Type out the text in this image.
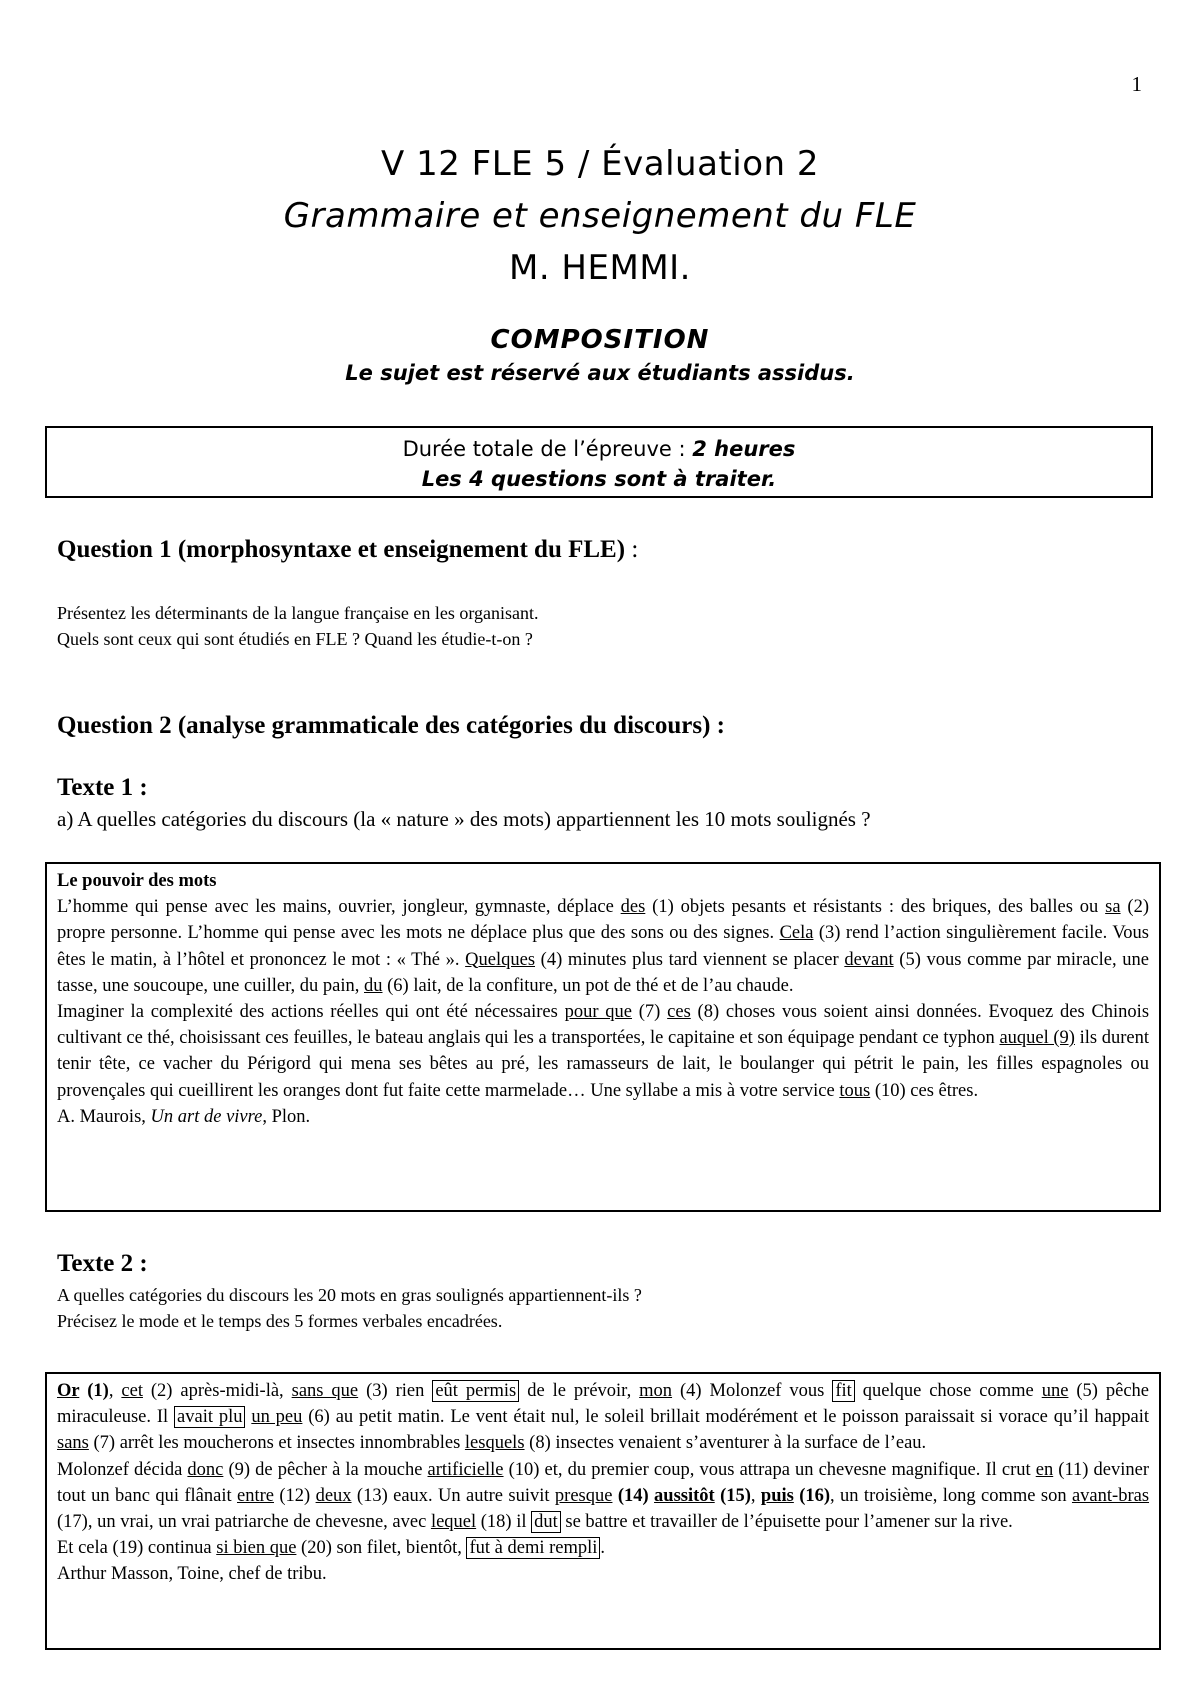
1
V 12 FLE 5 / Évaluation 2
Grammaire et enseignement du FLE
M. HEMMI.
COMPOSITION
Le sujet est réservé aux étudiants assidus.
Durée totale de l’épreuve : 2 heures
Les 4 questions sont à traiter.
Question 1 (morphosyntaxe et enseignement du FLE) :
Présentez les déterminants de la langue française en les organisant.
Quels sont ceux qui sont étudiés en FLE ? Quand les étudie-t-on ?
Question 2 (analyse grammaticale des catégories du discours) :
Texte 1 :
a) A quelles catégories du discours (la « nature » des mots) appartiennent les 10 mots soulignés ?

Le pouvoir des mots

L’homme qui pense avec les mains, ouvrier, jongleur, gymnaste, déplace des (1) objets pesants et résistants : des briques, des balles ou sa (2) propre personne. L’homme qui pense avec les mots ne déplace plus que des sons ou des signes. Cela (3) rend l’action singulièrement facile. Vous êtes le matin, à l’hôtel et prononcez le mot : « Thé ». Quelques (4) minutes plus tard viennent se placer devant (5) vous comme par miracle, une tasse, une soucoupe, une cuiller, du pain, du (6) lait, de la confiture, un pot de thé et de l’au chaude.

Imaginer la complexité des actions réelles qui ont été nécessaires pour que (7) ces (8) choses vous soient ainsi données. Evoquez des Chinois cultivant ce thé, choisissant ces feuilles, le bateau anglais qui les a transportées, le capitaine et son équipage pendant ce typhon auquel (9) ils durent tenir tête, ce vacher du Périgord qui mena ses bêtes au pré, les ramasseurs de lait, le boulanger qui pétrit le pain, les filles espagnoles ou provençales qui cueillirent les oranges dont fut faite cette marmelade… Une syllabe a mis à votre service tous (10) ces êtres.

A. Maurois, Un art de vivre, Plon.

Texte 2 :
A quelles catégories du discours les 20 mots en gras soulignés appartiennent-ils ?
Précisez le mode et le temps des 5 formes verbales encadrées.

Or (1), cet (2) après-midi-là, sans que (3) rien eût permis de le prévoir, mon (4) Molonzef vous fit quelque chose comme une (5) pêche miraculeuse. Il avait plu un peu (6) au petit matin. Le vent était nul, le soleil brillait modérément et le poisson paraissait si vorace qu’il happait sans (7) arrêt les moucherons et insectes innombrables lesquels (8) insectes venaient s’aventurer à la surface de l’eau.

Molonzef décida donc (9) de pêcher à la mouche artificielle (10) et, du premier coup, vous attrapa un chevesne magnifique. Il crut en (11) deviner tout un banc qui flânait entre (12) deux (13) eaux. Un autre suivit presque (14) aussitôt (15), puis (16), un troisième, long comme son avant-bras (17), un vrai, un vrai patriarche de chevesne, avec lequel (18) il dut se battre et travailler de l’épuisette pour l’amener sur la rive.

Et cela (19) continua si bien que (20) son filet, bientôt, fut à demi rempli .

Arthur Masson, Toine, chef de tribu.
